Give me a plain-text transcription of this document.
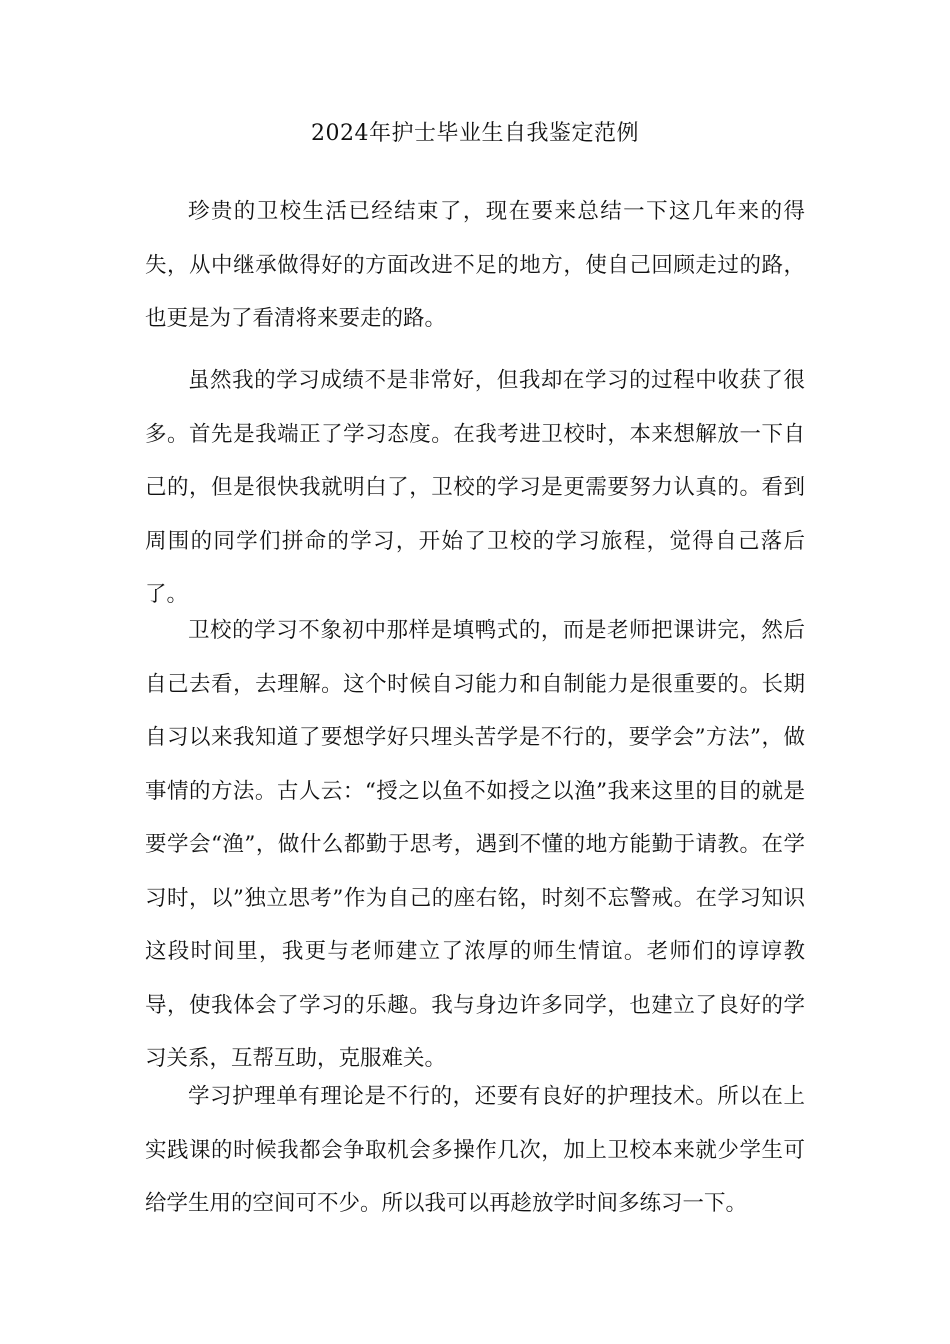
2024年护士毕业生自我鉴定范例

珍贵的卫校生活已经结束了，现在要来总结一下这几年来的得失，从中继承做得好的方面改进不足的地方，使自己回顾走过的路，也更是为了看清将来要走的路。

虽然我的学习成绩不是非常好，但我却在学习的过程中收获了很多。首先是我端正了学习态度。在我考进卫校时，本来想解放一下自己的，但是很快我就明白了，卫校的学习是更需要努力认真的。看到周围的同学们拼命的学习，开始了卫校的学习旅程，觉得自己落后了。

卫校的学习不象初中那样是填鸭式的，而是老师把课讲完，然后自己去看，去理解。这个时候自习能力和自制能力是很重要的。长期自习以来我知道了要想学好只埋头苦学是不行的，要学会”方法”，做事情的方法。古人云：“授之以鱼不如授之以渔”我来这里的目的就是要学会“渔”，做什么都勤于思考，遇到不懂的地方能勤于请教。在学习时，以”独立思考”作为自己的座右铭，时刻不忘警戒。在学习知识这段时间里，我更与老师建立了浓厚的师生情谊。老师们的谆谆教导，使我体会了学习的乐趣。我与身边许多同学，也建立了良好的学习关系，互帮互助，克服难关。

学习护理单有理论是不行的，还要有良好的护理技术。所以在上实践课的时候我都会争取机会多操作几次，加上卫校本来就少学生可给学生用的空间可不少。所以我可以再趁放学时间多练习一下。
